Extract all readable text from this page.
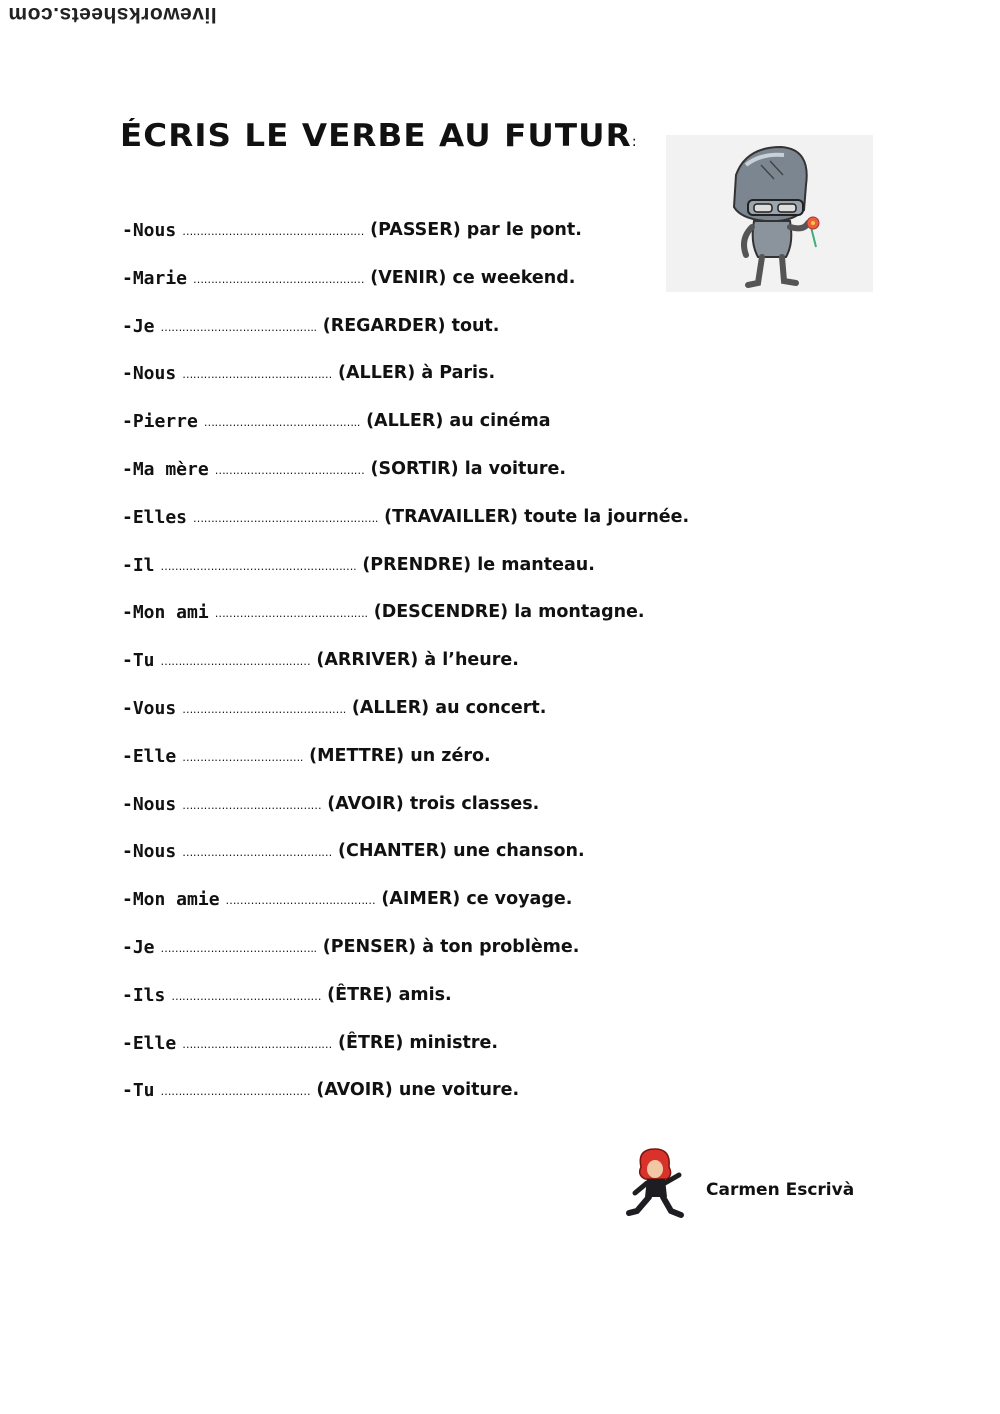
liveworksheets.com
ÉCRIS LE VERBE AU FUTUR:
-Nous …………………………………………… (PASSER) par le pont.
-Marie ………………………………………… (VENIR) ce weekend.
-Je …………………………………….. (REGARDER) tout.
-Nous …………………………………… (ALLER) à Paris.
-Pierre …………………………………….. (ALLER) au cinéma
-Ma mère …………………………………… (SORTIR) la voiture.
-Elles ……………………………………………. (TRAVAILLER) toute la journée.
-Il ………………………………………………. (PRENDRE) le manteau.
-Mon ami ……………………………………. (DESCENDRE) la montagne.
-Tu …………………………………… (ARRIVER) à l’heure.
-Vous ………………………………………. (ALLER) au concert.
-Elle ……………………………. (METTRE) un zéro.
-Nous ………………………………… (AVOIR) trois classes.
-Nous …………………………………… (CHANTER) une chanson.
-Mon amie …………………………………… (AIMER) ce voyage.
-Je …………………………………….. (PENSER) à ton problème.
-Ils …………………………………… (ÊTRE) amis.
-Elle …………………………………… (ÊTRE) ministre.
-Tu …………………………………… (AVOIR) une voiture.
Carmen Escrivà
